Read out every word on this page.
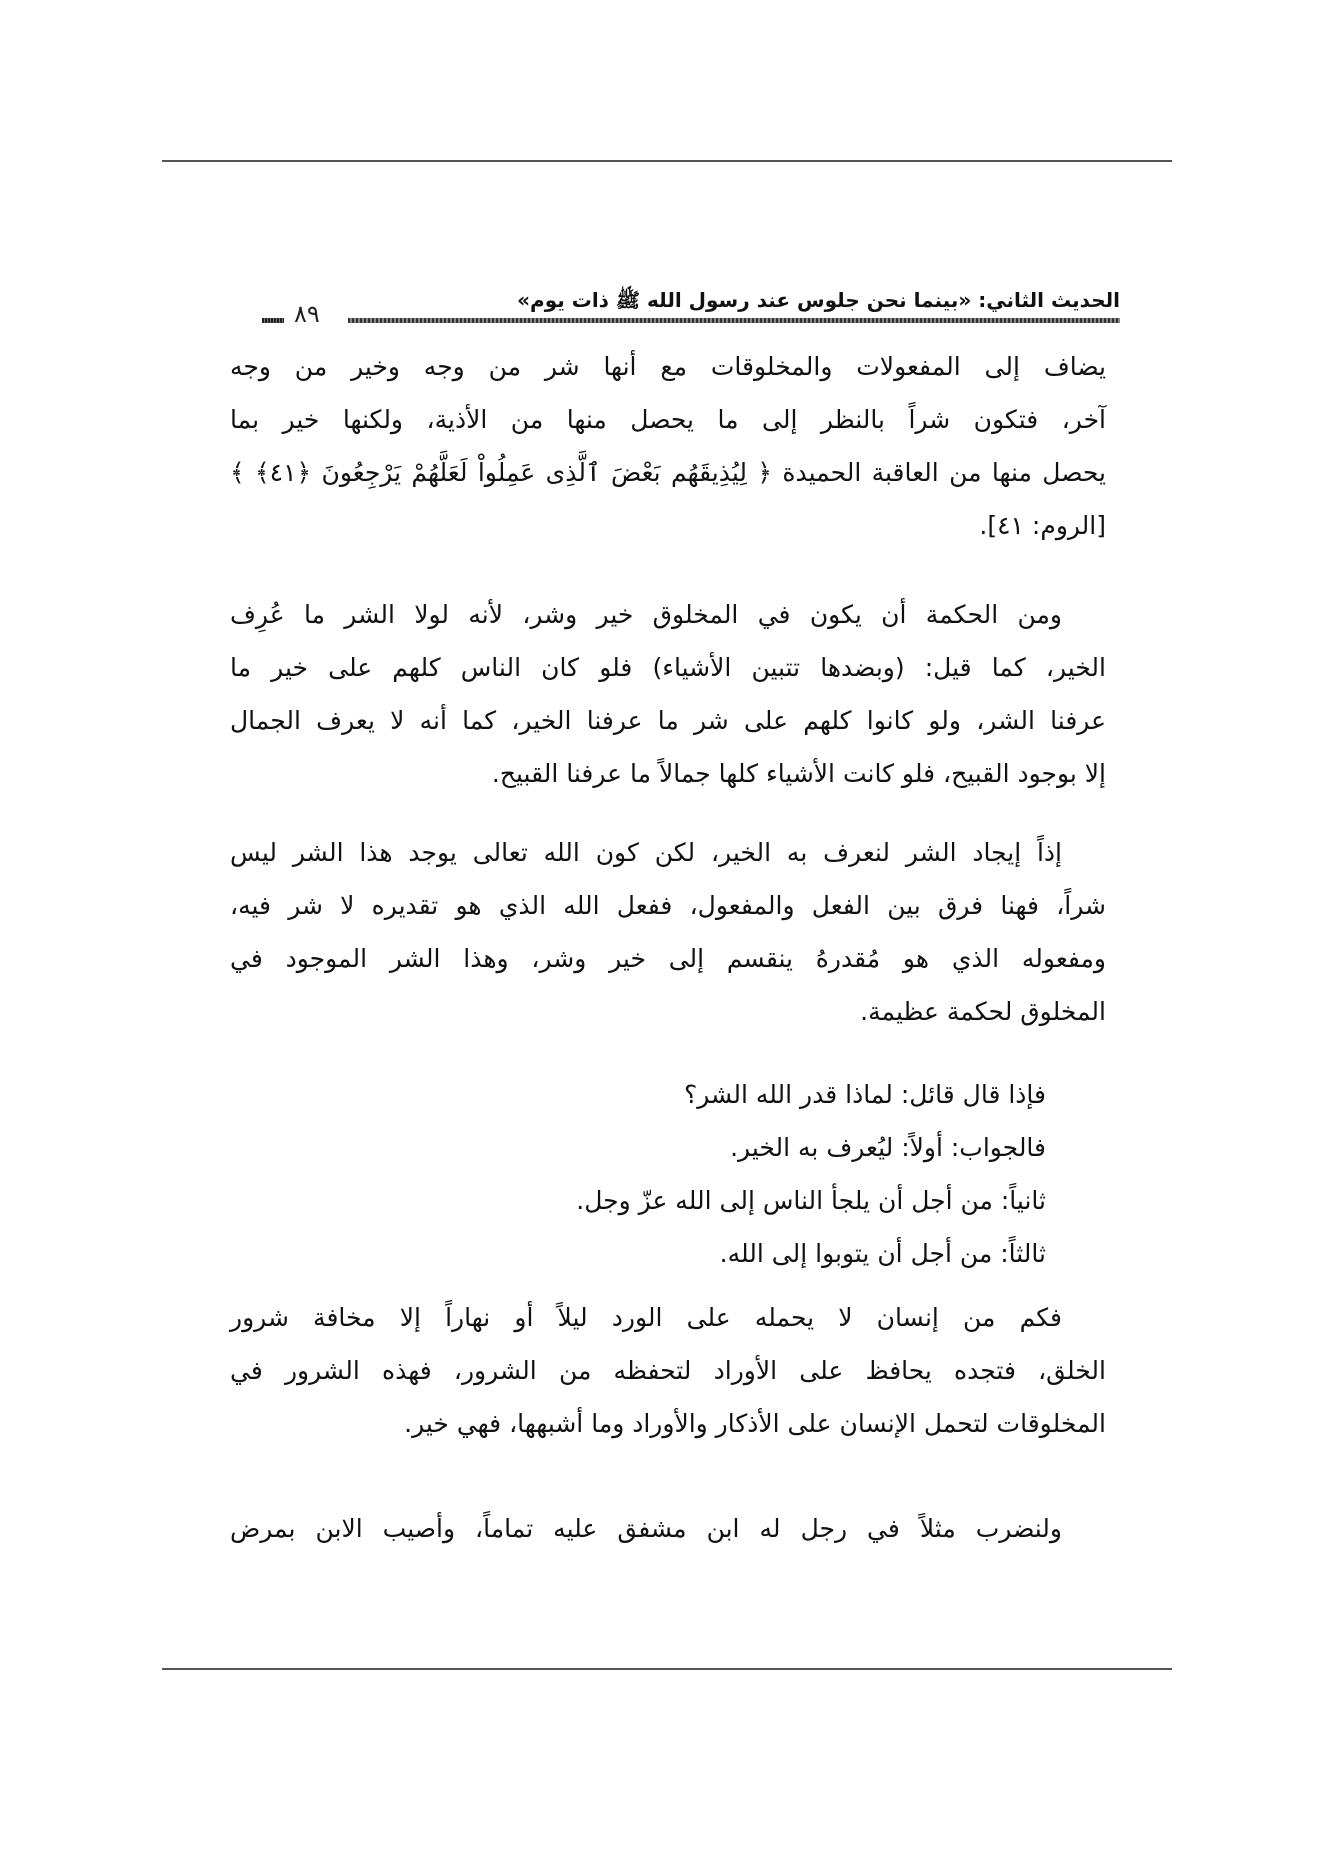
الحديث الثاني: «بينما نحن جلوس عند رسول الله ﷺ ذات يوم»
٨٩
يضاف إلى المفعولات والمخلوقات مع أنها شر من وجه وخير من وجه
آخر، فتكون شراً بالنظر إلى ما يحصل منها من الأذية، ولكنها خير بما
يحصل منها من العاقبة الحميدة ﴿ لِيُذِيقَهُم بَعْضَ ٱلَّذِى عَمِلُواْ لَعَلَّهُمْ يَرْجِعُونَ ﴿٤١﴾ ﴾
[الروم: ٤١].
ومن الحكمة أن يكون في المخلوق خير وشر، لأنه لولا الشر ما عُرِف
الخير، كما قيل: (وبضدها تتبين الأشياء) فلو كان الناس كلهم على خير ما
عرفنا الشر، ولو كانوا كلهم على شر ما عرفنا الخير، كما أنه لا يعرف الجمال
إلا بوجود القبيح، فلو كانت الأشياء كلها جمالاً ما عرفنا القبيح.
إذاً إيجاد الشر لنعرف به الخير، لكن كون الله تعالى يوجد هذا الشر ليس
شراً، فهنا فرق بين الفعل والمفعول، ففعل الله الذي هو تقديره لا شر فيه،
ومفعوله الذي هو مُقدرهُ ينقسم إلى خير وشر، وهذا الشر الموجود في
المخلوق لحكمة عظيمة.
فإذا قال قائل: لماذا قدر الله الشر؟
فالجواب: أولاً: ليُعرف به الخير.
ثانياً: من أجل أن يلجأ الناس إلى الله عزّ وجل.
ثالثاً: من أجل أن يتوبوا إلى الله.
فكم من إنسان لا يحمله على الورد ليلاً أو نهاراً إلا مخافة شرور
الخلق، فتجده يحافظ على الأوراد لتحفظه من الشرور، فهذه الشرور في
المخلوقات لتحمل الإنسان على الأذكار والأوراد وما أشبهها، فهي خير.
ولنضرب مثلاً في رجل له ابن مشفق عليه تماماً، وأصيب الابن بمرض
